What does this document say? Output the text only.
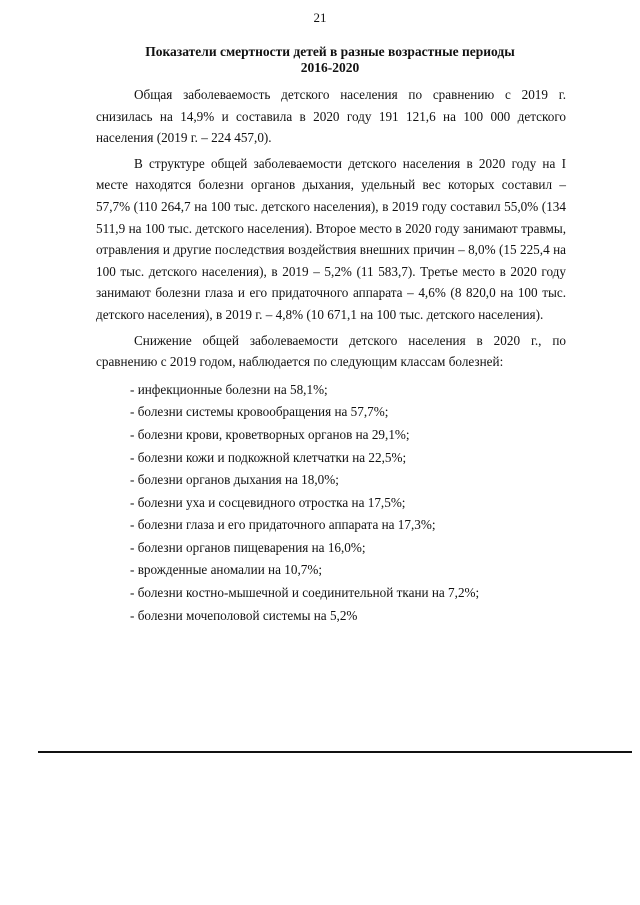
21
Показатели смертности детей в разные возрастные периоды
2016-2020

Общая заболеваемость детского населения по сравнению с 2019 г. снизилась на 14,9% и составила в 2020 году 191 121,6 на 100 000 детского населения (2019 г. – 224 457,0).

В структуре общей заболеваемости детского населения в 2020 году на I месте находятся болезни органов дыхания, удельный вес которых составил – 57,7% (110 264,7 на 100 тыс. детского населения), в 2019 году составил 55,0% (134 511,9 на 100 тыс. детского населения). Второе место в 2020 году занимают травмы, отравления и другие последствия воздействия внешних причин – 8,0% (15 225,4 на 100 тыс. детского населения), в 2019 – 5,2% (11 583,7). Третье место в 2020 году занимают болезни глаза и его придаточного аппарата – 4,6% (8 820,0 на 100 тыс. детского населения), в 2019 г. – 4,8% (10 671,1 на 100 тыс. детского населения).

Снижение общей заболеваемости детского населения в 2020 г., по сравнению с 2019 годом, наблюдается по следующим классам болезней:

- инфекционные болезни на 58,1%;
- болезни системы кровообращения на 57,7%;
- болезни крови, кроветворных органов на 29,1%;
- болезни кожи и подкожной клетчатки на 22,5%;
- болезни органов дыхания на 18,0%;
- болезни уха и сосцевидного отростка на 17,5%;
- болезни глаза и его придаточного аппарата на 17,3%;
- болезни органов пищеварения на 16,0%;
- врожденные аномалии на 10,7%;
- болезни костно-мышечной и соединительной ткани на 7,2%;
- болезни мочеполовой системы на 5,2%
